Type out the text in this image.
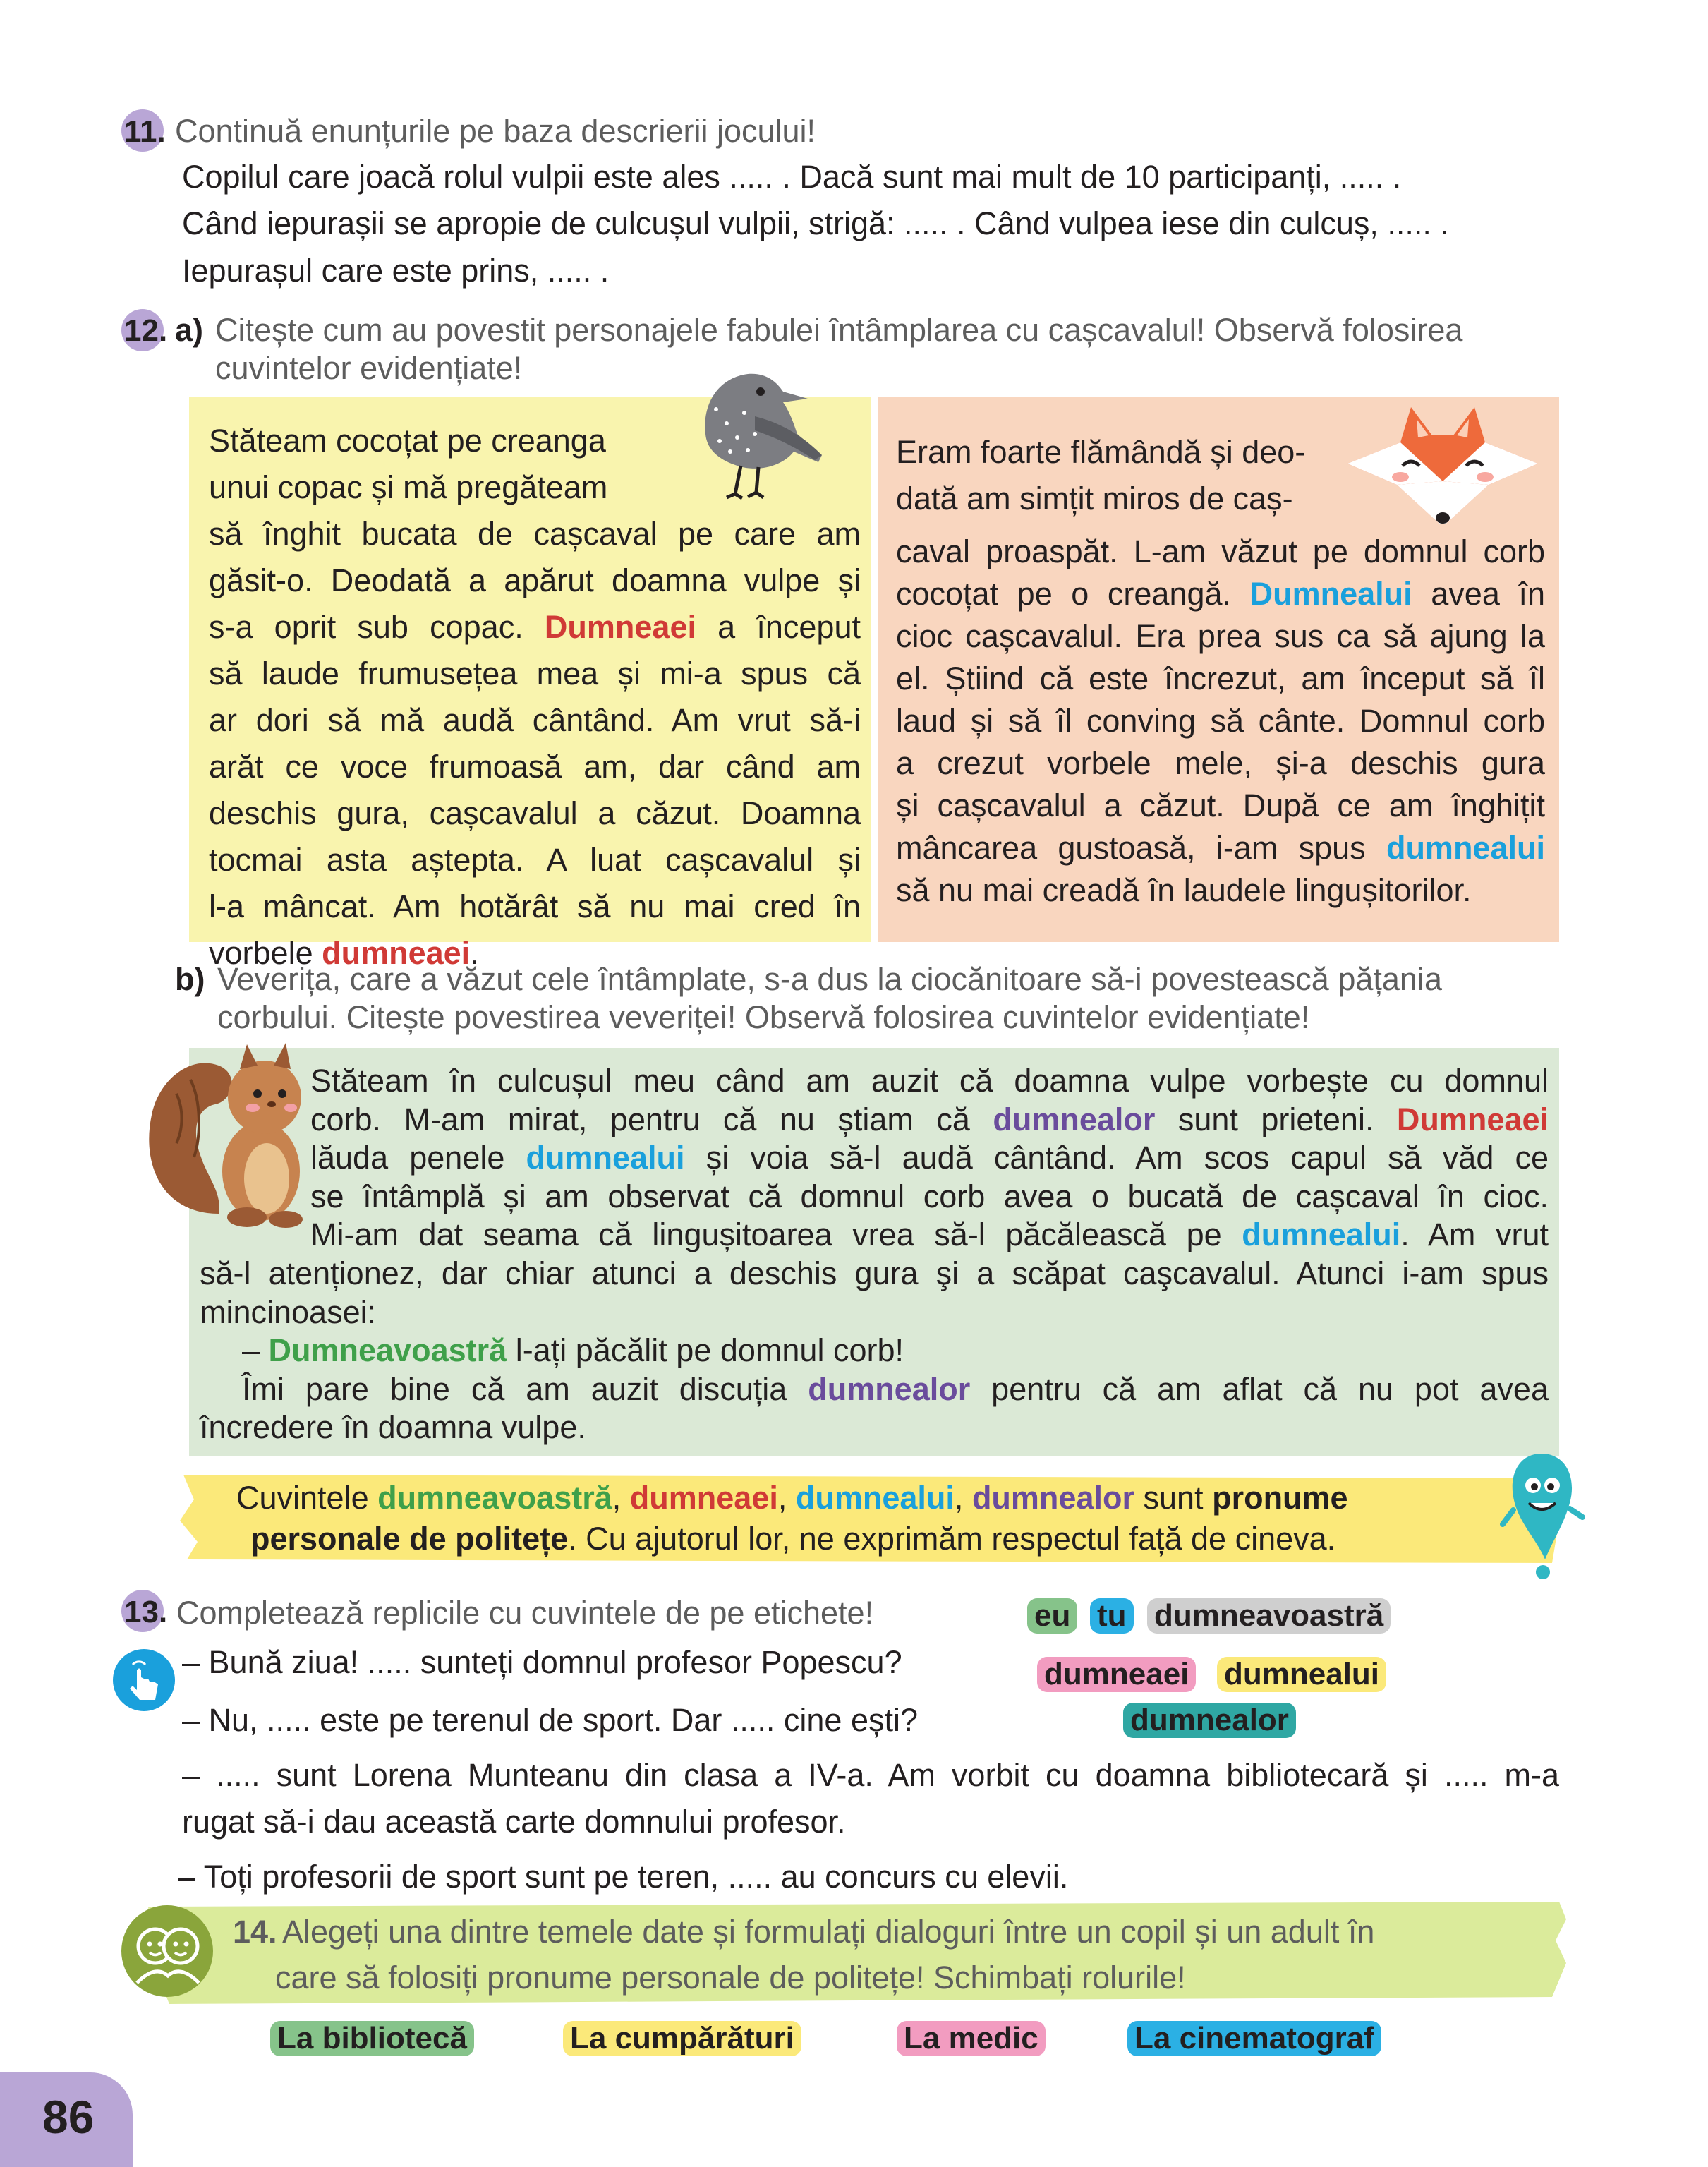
11. Continuă enunțurile pe baza descrierii jocului!
Copilul care joacă rolul vulpii este ales ..... . Dacă sunt mai mult de 10 participanți, ..... .
Când iepurașii se apropie de culcușul vulpii, strigă: ..... . Când vulpea iese din culcuș, ..... .
Iepurașul care este prins, ..... .
12. a) Citește cum au povestit personajele fabulei întâmplarea cu cașcavalul! Observă folosirea
cuvintelor evidențiate!
Stăteam cocoțat pe creanga
unui copac și mă pregăteam
să înghit bucata de cașcaval pe care am
găsit-o. Deodată a apărut doamna vulpe și
s-a oprit sub copac. Dumneaei a început
să laude frumusețea mea și mi-a spus că
ar dori să mă audă cântând. Am vrut să-i
arăt ce voce frumoasă am, dar când am
deschis gura, cașcavalul a căzut. Doamna
tocmai asta aștepta. A luat cașcavalul și
l-a mâncat. Am hotărât să nu mai cred în
vorbele dumneaei.
Eram foarte flămândă și deo-
dată am simțit miros de caș-
caval proaspăt. L-am văzut pe domnul corb
cocoțat pe o creangă. Dumnealui avea în
cioc cașcavalul. Era prea sus ca să ajung la
el. Știind că este încrezut, am început să îl
laud și să îl conving să cânte. Domnul corb
a crezut vorbele mele, și-a deschis gura
și cașcavalul a căzut. După ce am înghițit
mâncarea gustoasă, i-am spus dumnealui
să nu mai creadă în laudele lingușitorilor.
b) Veverița, care a văzut cele întâmplate, s-a dus la ciocănitoare să-i povestească pățania
corbului. Citește povestirea veveriței! Observă folosirea cuvintelor evidențiate!
Stăteam în culcușul meu când am auzit că doamna vulpe vorbește cu domnul
corb. M-am mirat, pentru că nu știam că dumnealor sunt prieteni. Dumneaei
lăuda penele dumnealui și voia să-l audă cântând. Am scos capul să văd ce
se întâmplă și am observat că domnul corb avea o bucată de cașcaval în cioc.
Mi-am dat seama că lingușitoarea vrea să-l păcălească pe dumnealui. Am vrut
să-l atenționez, dar chiar atunci a deschis gura şi a scăpat caşcavalul. Atunci i-am spus
mincinoasei:
– Dumneavoastră l-ați păcălit pe domnul corb!
Îmi pare bine că am auzit discuția dumnealor pentru că am aflat că nu pot avea
încredere în doamna vulpe.
Cuvintele dumneavoastră, dumneaei, dumnealui, dumnealor sunt pronume
personale de politețe. Cu ajutorul lor, ne exprimăm respectul față de cineva.
13. Completează replicile cu cuvintele de pe etichete!
– Bună ziua! ..... sunteți domnul profesor Popescu?
– Nu, ..... este pe terenul de sport. Dar ..... cine ești?
– ..... sunt Lorena Munteanu din clasa a IV-a. Am vorbit cu doamna bibliotecară și ..... m-a
rugat să-i dau această carte domnului profesor.
– Toți profesorii de sport sunt pe teren, ..... au concurs cu elevii.
eu tu dumneavoastră
dumneaei dumnealui
dumnealor
14. Alegeți una dintre temele date și formulați dialoguri între un copil și un adult în
care să folosiți pronume personale de politețe! Schimbați rolurile!
La bibliotecă	La cumpărături	La medic	La cinematograf
86
